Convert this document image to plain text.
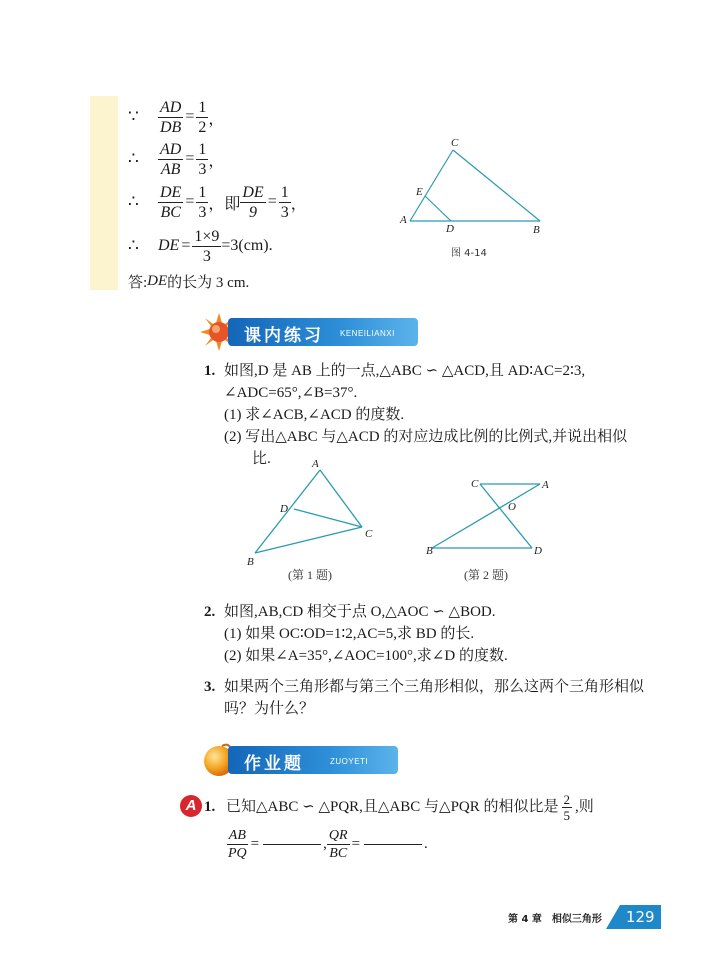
∵	$\frac{AD}{DB} = \frac{1}{2}$ ，
∴	$\frac{AD}{AB} = \frac{1}{3}$ ，
∴	$\frac{DE}{BC} = \frac{1}{3}$ ，即 $\frac{DE}{9} = \frac{1}{3}$ ，
∴	DE = $\frac{1\times 9}{3} =3(cm)$.
答: DE 的长为 3 cm.
A
B
C
D
E
图 4-14
课内练习 KENEILIANXI
1. 如图,D 是 AB 上的一点,△ABC ∽ △ACD,且 AD∶AC=2∶3,
∠ADC=65°,∠B=37°.
(1) 求∠ACB,∠ACD 的度数.
(2) 写出△ABC 与△ACD 的对应边成比例的比例式,并说出相似
比.	A
B
C
D
(第 1 题)
C	A
O
B	D
(第 2 题)
2. 如图,AB,CD 相交于点 O,△AOC ∽ △BOD.
(1) 如果 OC∶OD=1∶2,AC=5,求 BD 的长.
(2) 如果∠A=35°,∠AOC=100°,求∠D 的度数.
3. 如果两个三角形都与第三个三角形相似，那么这两个三角形相似
吗？为什么？
作业题	ZUOYETI
A 1. 已知△ABC ∽ △PQR,且△ABC 与△PQR 的相似比是 $\frac{2}{5}$ ,则
$\frac{AB}{PQ}$ =	, $\frac{QR}{BC}$ =	.
第 4 章　相似三角形	129
